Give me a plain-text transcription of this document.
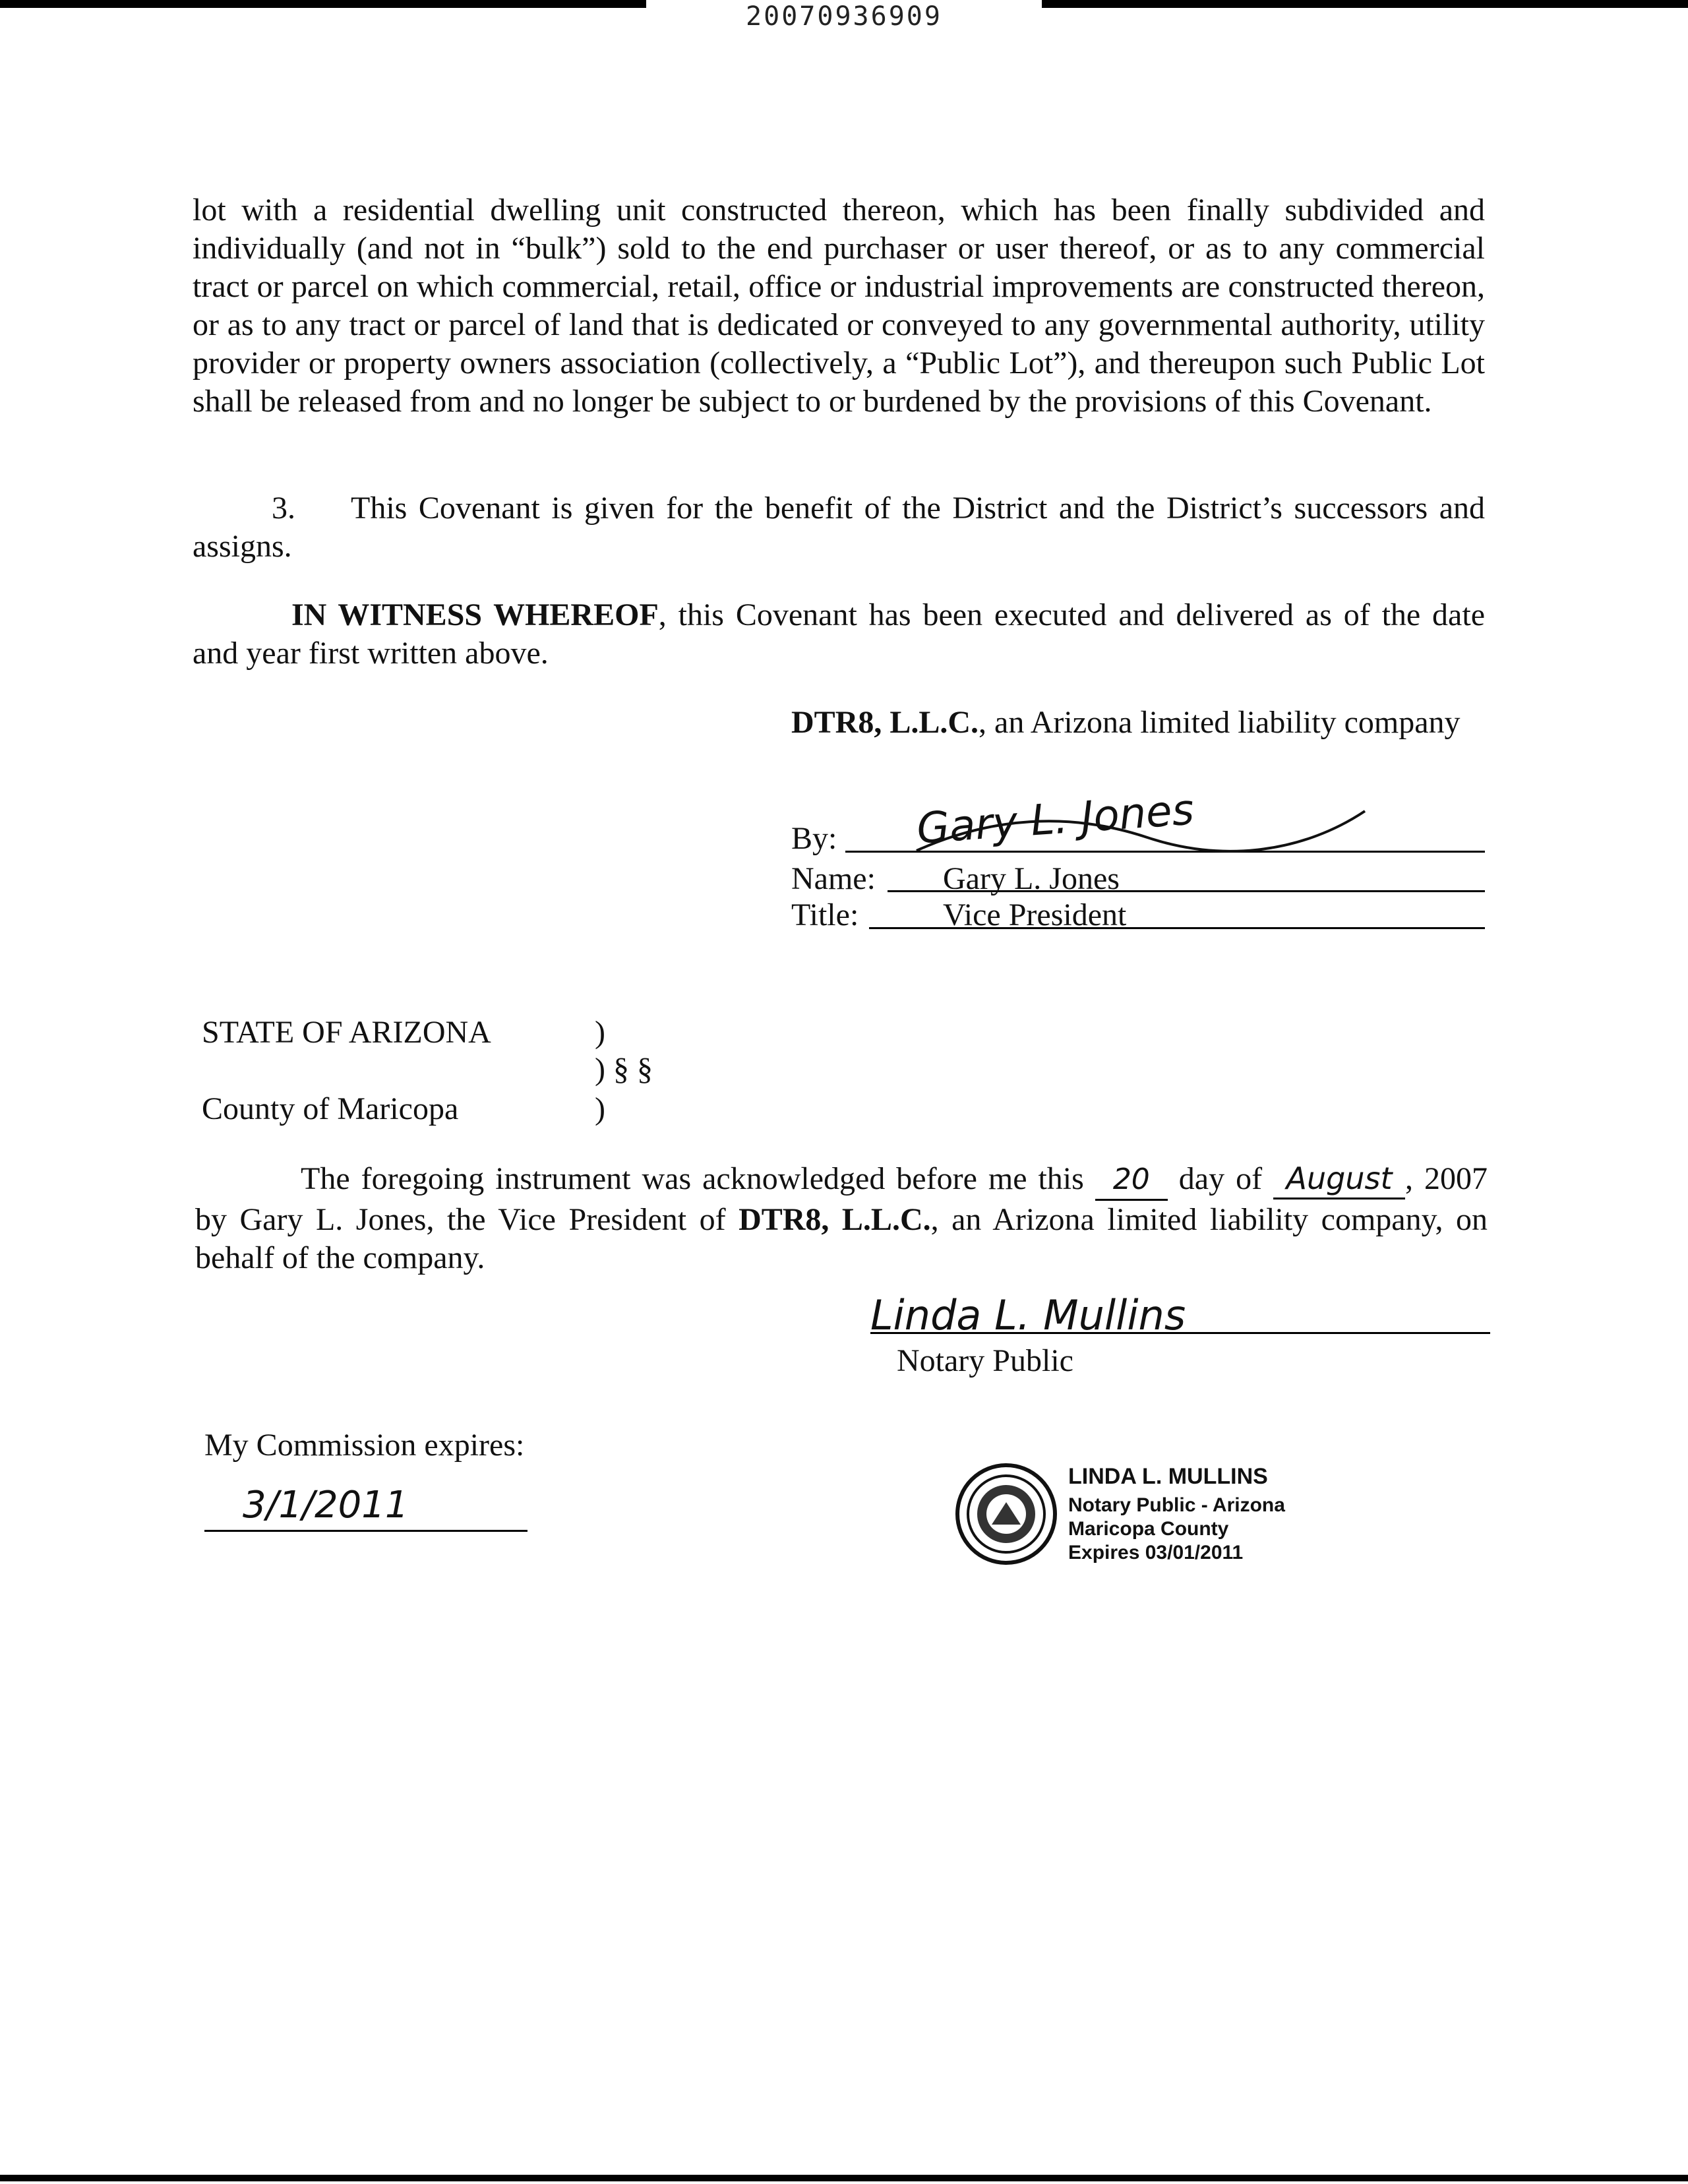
20070936909

lot with a residential dwelling unit constructed thereon, which has been finally subdivided and individually (and not in “bulk”) sold to the end purchaser or user thereof, or as to any commercial tract or parcel on which commercial, retail, office or industrial improvements are constructed thereon, or as to any tract or parcel of land that is dedicated or conveyed to any governmental authority, utility provider or property owners association (collectively, a “Public Lot”), and thereupon such Public Lot shall be released from and no longer be subject to or burdened by the provisions of this Covenant.

3. This Covenant is given for the benefit of the District and the District’s successors and assigns.

IN WITNESS WHEREOF, this Covenant has been executed and delivered as of the date and year first written above.

DTR8, L.L.C., an Arizona limited liability company
By: Gary L. Jones
Name: Gary L. Jones
Title:	Vice President
STATE OF ARIZONA	)
) § §
County of Maricopa	)

The foregoing instrument was acknowledged before me this 20 day of August , 2007 by Gary L. Jones, the Vice President of DTR8, L.L.C., an Arizona limited liability company, on behalf of the company.

Linda L. Mullins
Notary Public
My Commission expires:
3/1/2011
LINDA L. MULLINS
Notary Public - Arizona
Maricopa County
Expires 03/01/2011
